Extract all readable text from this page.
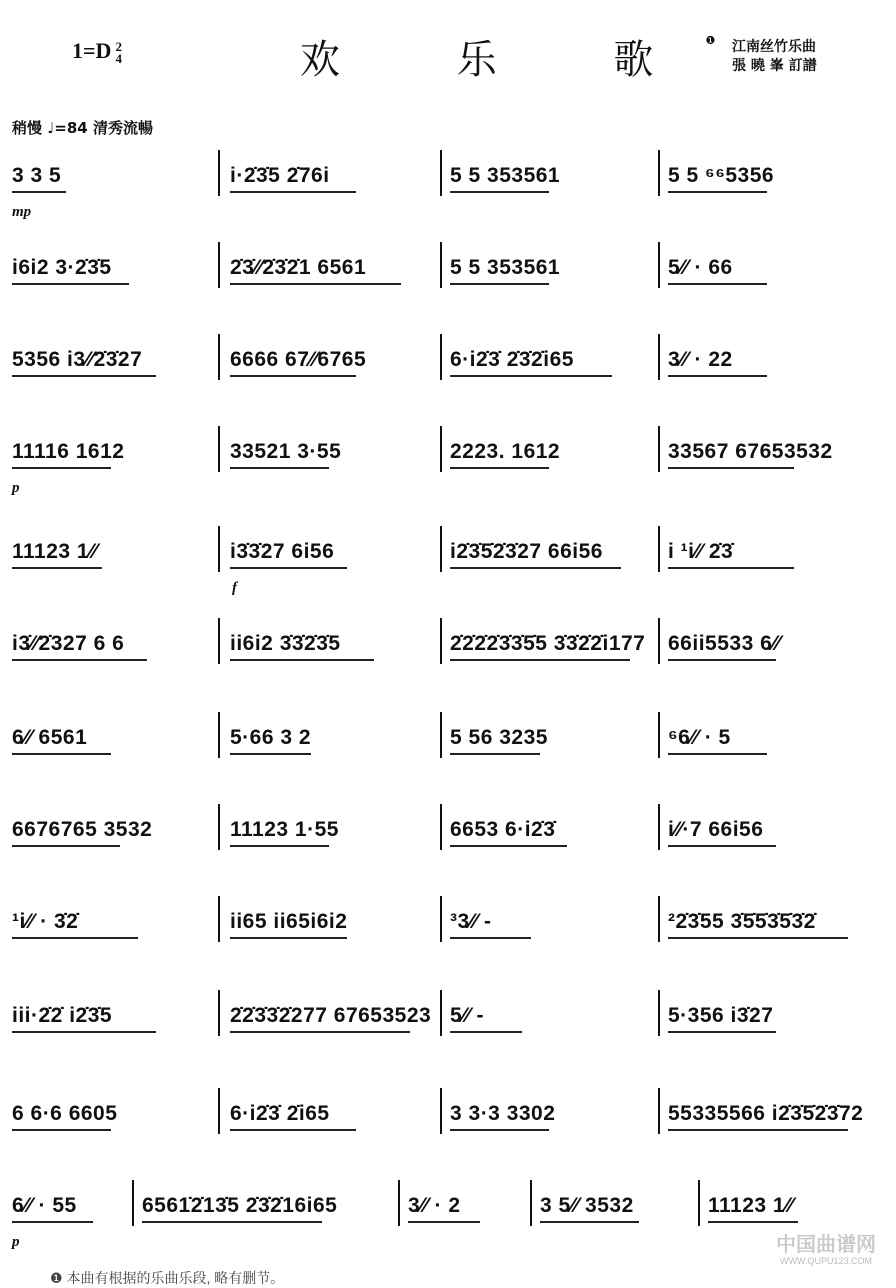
1=D 2
4	欢 乐 歌$^❶$ 江南丝竹乐曲
張 曉 峯 訂譜
稍慢 ♩=84 清秀流暢
3 3 5	i·2̇3̇5 2̇76i	5 5 353561	5 5 ⁶⁶5356
mp
i6i2 3·2̇3̇5	2̇3̇⁄⁄2̇3̇2̇1 6561	5 5 353561	5⁄⁄ · 66
5356 i3⁄⁄2̇3̇27	6666 67⁄⁄6765	6·i2̇3̇ 2̇3̇2̇i65	3⁄⁄ · 22
11116 1612	33521 3·55	2223. 1612	33567 67653532
p
11123 1⁄⁄	i3̇3̇27 6i56	i2̇3̇5̇2̇3̇27 66i56	i ¹i⁄⁄ 2̇3̇
f
i3̇⁄⁄2̇327 6 6	ii6i2 3̇3̇2̇3̇5	2̇2̇2̇2̇3̇3̇5̇5 3̇3̇2̇2̇i177 66ii5533 6⁄⁄
6⁄⁄ 6561	5·66 3 2	5 56 3235	⁶6⁄⁄ · 5
6676765 3532	11123 1·55	6653 6·i2̇3̇	i⁄⁄·7 66i56
¹i⁄⁄ · 3̇2̇	ii65 ii65i6i2	³3⁄⁄ -	²2̇3̇55 3̇5̇5̇3̇5̇3̇2̇
iii·2̇2̇ i2̇3̇5	2̇2̇3̇3̇2̇277 67653523 5⁄⁄ -	5·356 i3̇27
6 6·6 6605	6·i2̇3̇ 2̇i65	3 3·3 3302	55335566 i2̇3̇5̇2̇3̇72
6⁄⁄ · 55	6561̇2̇13̇5 2̇3̇2̇16i65	3⁄⁄ · 2	3 5⁄⁄ 3532	11123 1⁄⁄
p
❶ 本曲有根据的乐曲乐段, 略有删节。
中国曲谱网
WWW.QUPU123.COM
